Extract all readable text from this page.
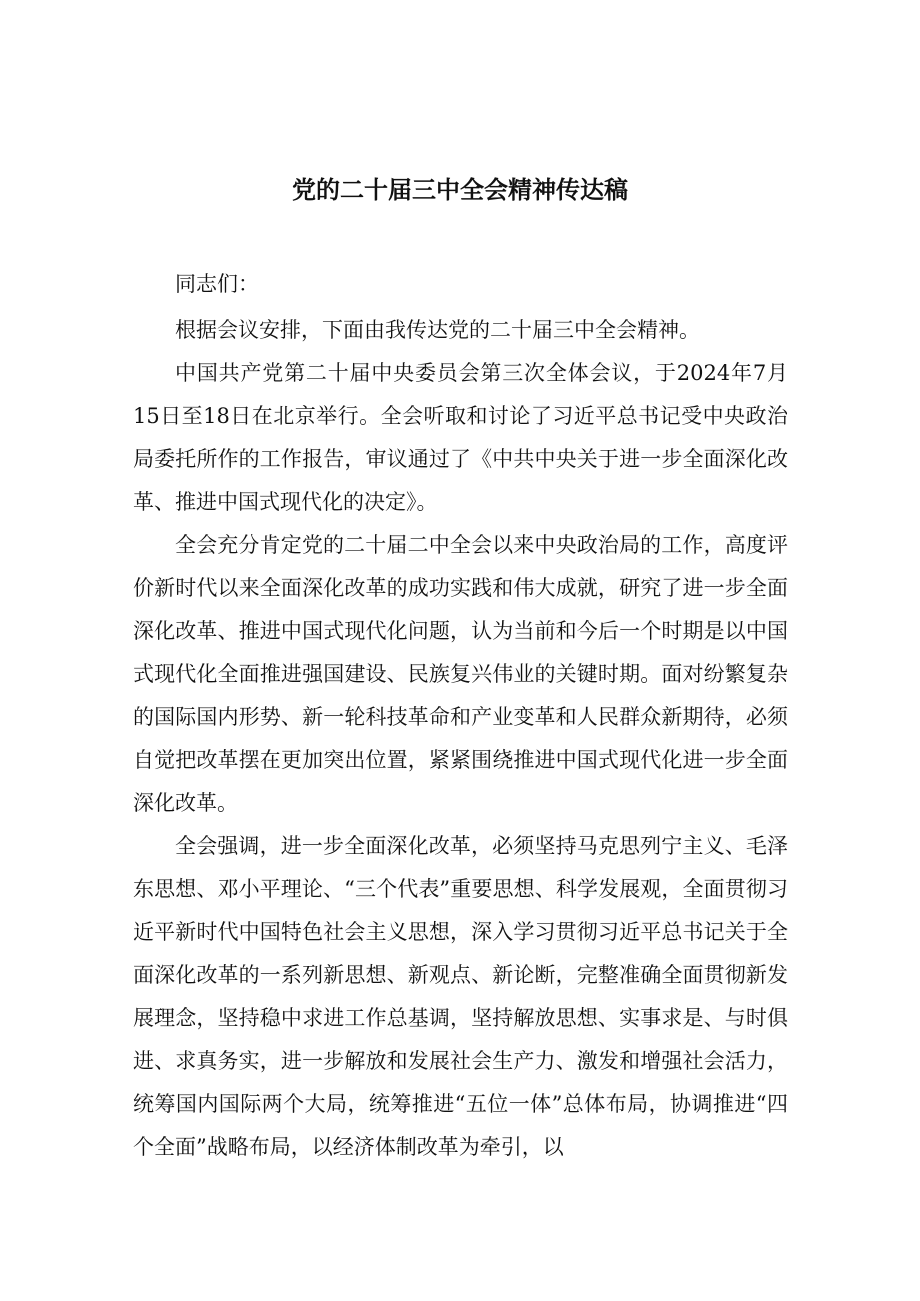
党的二十届三中全会精神传达稿

同志们：

根据会议安排，下面由我传达党的二十届三中全会精神。

中国共产党第二十届中央委员会第三次全体会议，于2024年7月15日至18日在北京举行。全会听取和讨论了习近平总书记受中央政治局委托所作的工作报告，审议通过了《中共中央关于进一步全面深化改革、推进中国式现代化的决定》。

全会充分肯定党的二十届二中全会以来中央政治局的工作，高度评价新时代以来全面深化改革的成功实践和伟大成就，研究了进一步全面深化改革、推进中国式现代化问题，认为当前和今后一个时期是以中国式现代化全面推进强国建设、民族复兴伟业的关键时期。面对纷繁复杂的国际国内形势、新一轮科技革命和产业变革和人民群众新期待，必须自觉把改革摆在更加突出位置，紧紧围绕推进中国式现代化进一步全面深化改革。

全会强调，进一步全面深化改革，必须坚持马克思列宁主义、毛泽东思想、邓小平理论、“三个代表”重要思想、科学发展观，全面贯彻习近平新时代中国特色社会主义思想，深入学习贯彻习近平总书记关于全面深化改革的一系列新思想、新观点、新论断，完整准确全面贯彻新发展理念，坚持稳中求进工作总基调，坚持解放思想、实事求是、与时俱进、求真务实，进一步解放和发展社会生产力、激发和增强社会活力，统筹国内国际两个大局，统筹推进“五位一体”总体布局，协调推进“四个全面”战略布局，以经济体制改革为牵引，以
